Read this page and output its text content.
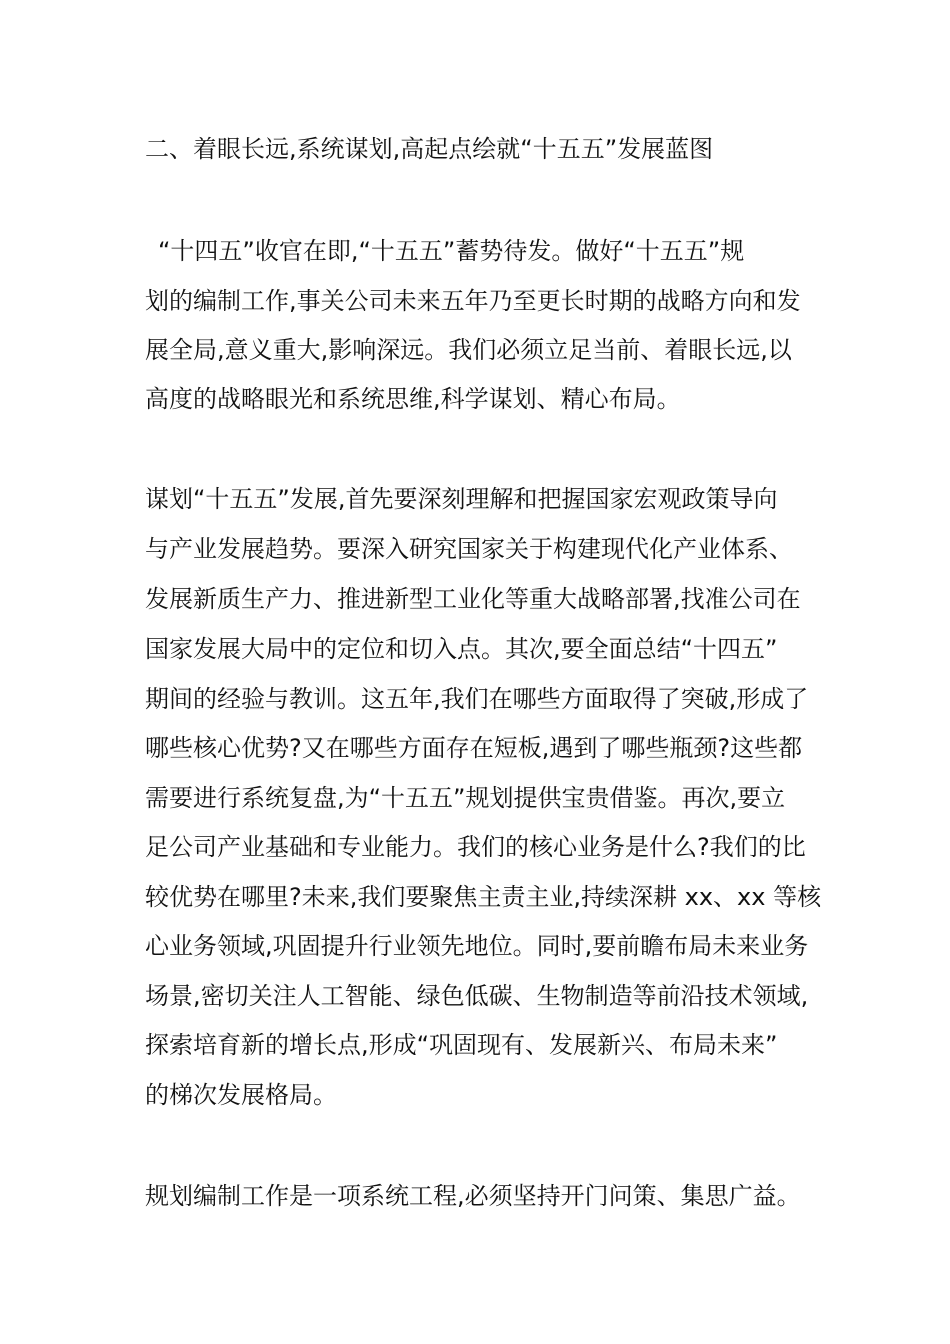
二、着眼长远,系统谋划,高起点绘就“十五五”发展蓝图
“十四五”收官在即,“十五五”蓄势待发。做好“十五五”规
划的编制工作,事关公司未来五年乃至更长时期的战略方向和发
展全局,意义重大,影响深远。我们必须立足当前、着眼长远,以
高度的战略眼光和系统思维,科学谋划、精心布局。
谋划“十五五”发展,首先要深刻理解和把握国家宏观政策导向
与产业发展趋势。要深入研究国家关于构建现代化产业体系、
发展新质生产力、推进新型工业化等重大战略部署,找准公司在
国家发展大局中的定位和切入点。其次,要全面总结“十四五”
期间的经验与教训。这五年,我们在哪些方面取得了突破,形成了
哪些核心优势?又在哪些方面存在短板,遇到了哪些瓶颈?这些都
需要进行系统复盘,为“十五五”规划提供宝贵借鉴。再次,要立
足公司产业基础和专业能力。我们的核心业务是什么?我们的比
较优势在哪里?未来,我们要聚焦主责主业,持续深耕 xx、xx 等核
心业务领域,巩固提升行业领先地位。同时,要前瞻布局未来业务
场景,密切关注人工智能、绿色低碳、生物制造等前沿技术领域,
探索培育新的增长点,形成“巩固现有、发展新兴、布局未来”
的梯次发展格局。
规划编制工作是一项系统工程,必须坚持开门问策、集思广益。
